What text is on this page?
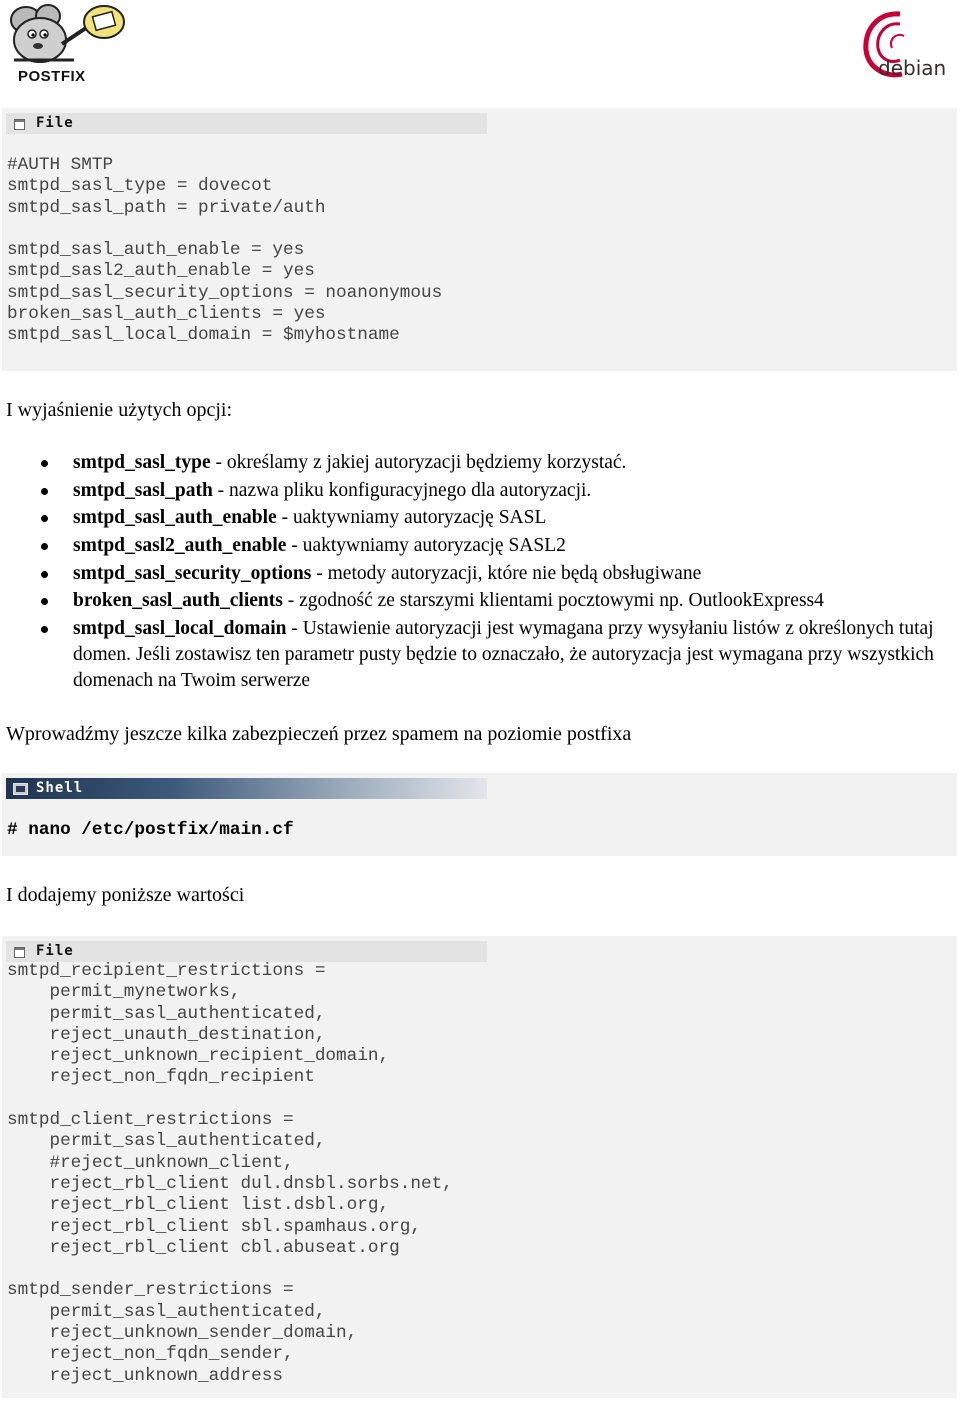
POSTFIX	debian
File
#AUTH SMTP
smtpd_sasl_type = dovecot
smtpd_sasl_path = private/auth

smtpd_sasl_auth_enable = yes
smtpd_sasl2_auth_enable = yes
smtpd_sasl_security_options = noanonymous
broken_sasl_auth_clients = yes
smtpd_sasl_local_domain = $myhostname
I wyjaśnienie użytych opcji:
smtpd_sasl_type - określamy z jakiej autoryzacji będziemy korzystać.
smtpd_sasl_path - nazwa pliku konfiguracyjnego dla autoryzacji.
smtpd_sasl_auth_enable - uaktywniamy autoryzację SASL
smtpd_sasl2_auth_enable - uaktywniamy autoryzację SASL2
smtpd_sasl_security_options - metody autoryzacji, które nie będą obsługiwane
broken_sasl_auth_clients - zgodność ze starszymi klientami pocztowymi np. OutlookExpress4
smtpd_sasl_local_domain - Ustawienie autoryzacji jest wymagana przy wysyłaniu listów z określonych tutaj domen. Jeśli zostawisz ten parametr pusty będzie to oznaczało, że autoryzacja jest wymagana przy wszystkich domenach na Twoim serwerze
Wprowadźmy jeszcze kilka zabezpieczeń przez spamem na poziomie postfixa
Shell
# nano /etc/postfix/main.cf
I dodajemy poniższe wartości
File
smtpd_recipient_restrictions =
permit_mynetworks,
permit_sasl_authenticated,
reject_unauth_destination,
reject_unknown_recipient_domain,
reject_non_fqdn_recipient

smtpd_client_restrictions =
permit_sasl_authenticated,
#reject_unknown_client,
reject_rbl_client dul.dnsbl.sorbs.net,
reject_rbl_client list.dsbl.org,
reject_rbl_client sbl.spamhaus.org,
reject_rbl_client cbl.abuseat.org

smtpd_sender_restrictions =
permit_sasl_authenticated,
reject_unknown_sender_domain,
reject_non_fqdn_sender,
reject_unknown_address
